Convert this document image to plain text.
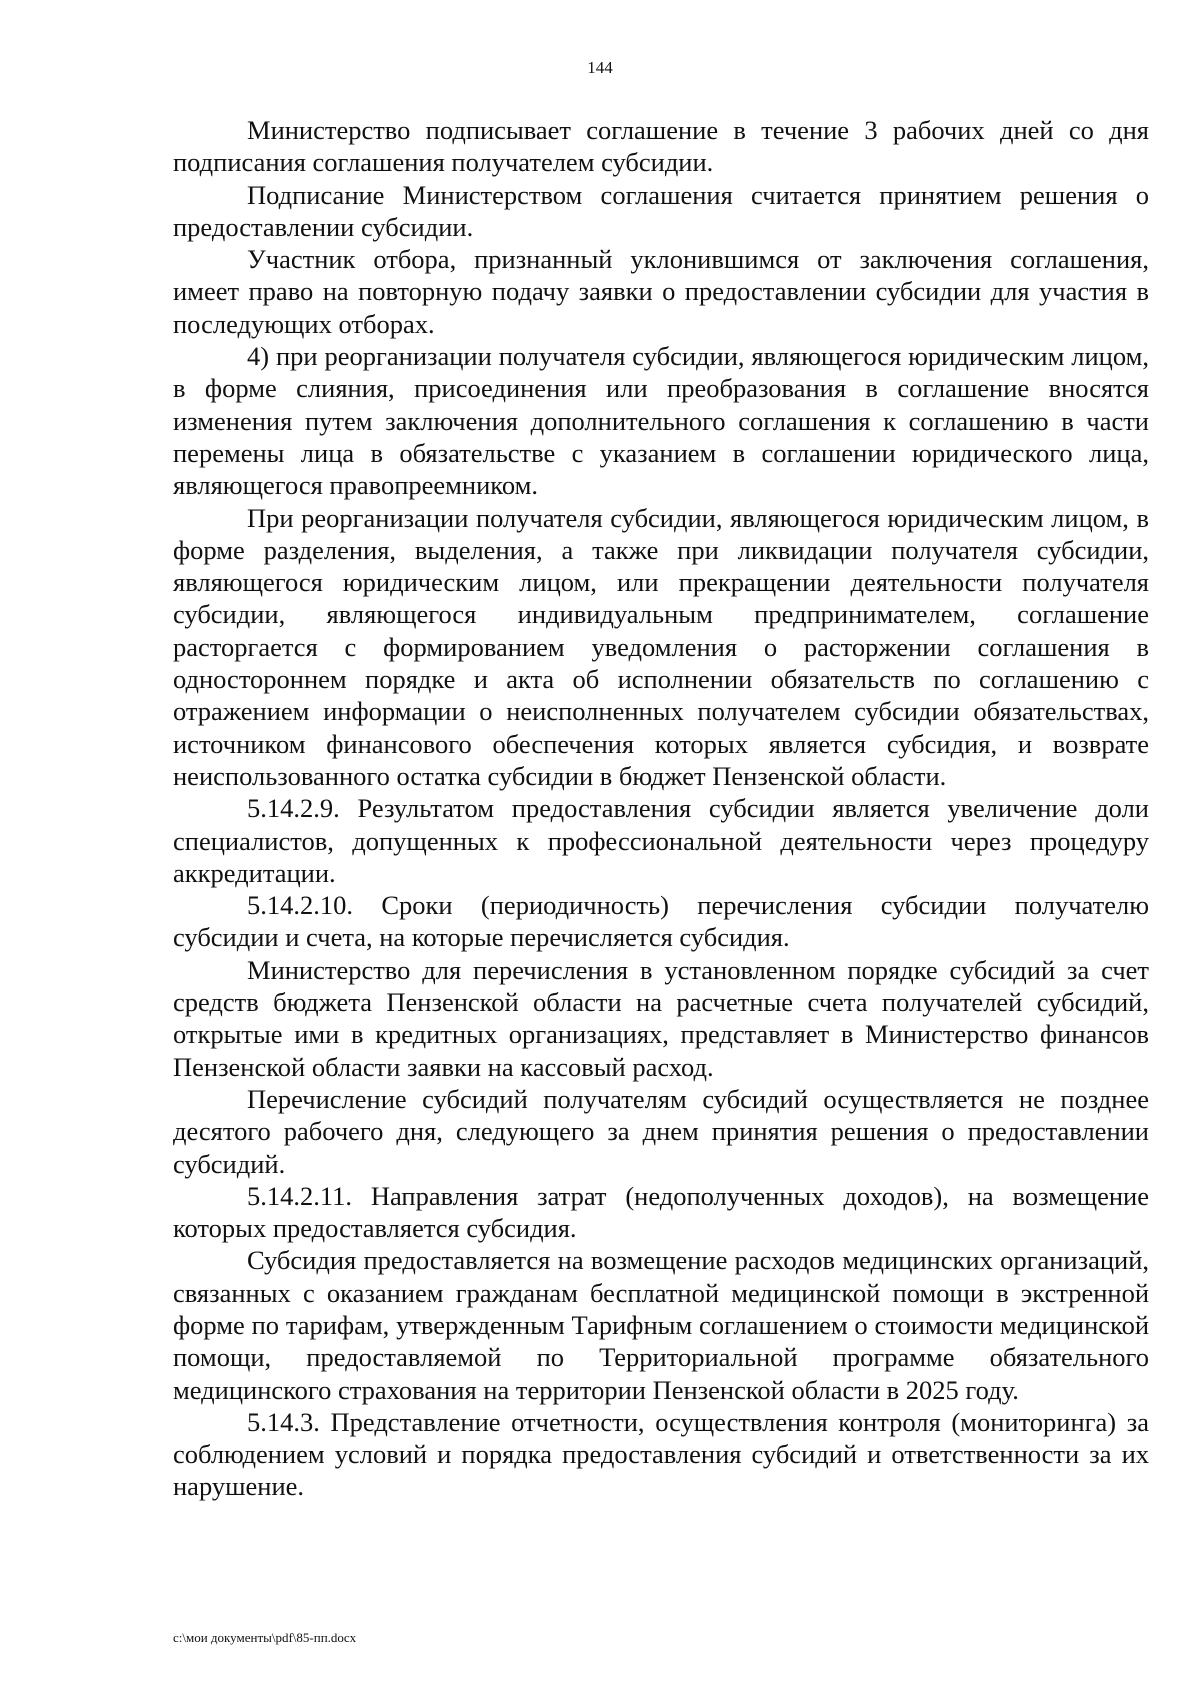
144

Министерство подписывает соглашение в течение 3 рабочих дней со дня подписания соглашения получателем субсидии.

Подписание Министерством соглашения считается принятием решения о предоставлении субсидии.

Участник отбора, признанный уклонившимся от заключения соглашения, имеет право на повторную подачу заявки о предоставлении субсидии для участия в последующих отборах.

4) при реорганизации получателя субсидии, являющегося юридическим лицом, в форме слияния, присоединения или преобразования в соглашение вносятся изменения путем заключения дополнительного соглашения к соглашению в части перемены лица в обязательстве с указанием в соглашении юридического лица, являющегося правопреемником.

При реорганизации получателя субсидии, являющегося юридическим лицом, в форме разделения, выделения, а также при ликвидации получателя субсидии, являющегося юридическим лицом, или прекращении деятельности получателя субсидии, являющегося индивидуальным предпринимателем, соглашение расторгается с формированием уведомления о расторжении соглашения в одностороннем порядке и акта об исполнении обязательств по соглашению с отражением информации о неисполненных получателем субсидии обязательствах, источником финансового обеспечения которых является субсидия, и возврате неиспользованного остатка субсидии в бюджет Пензенской области.

5.14.2.9. Результатом предоставления субсидии является увеличение доли специалистов, допущенных к профессиональной деятельности через процедуру аккредитации.

5.14.2.10. Сроки (периодичность) перечисления субсидии получателю субсидии и счета, на которые перечисляется субсидия.

Министерство для перечисления в установленном порядке субсидий за счет средств бюджета Пензенской области на расчетные счета получателей субсидий, открытые ими в кредитных организациях, представляет в Министерство финансов Пензенской области заявки на кассовый расход.

Перечисление субсидий получателям субсидий осуществляется не позднее десятого рабочего дня, следующего за днем принятия решения о предоставлении субсидий.

5.14.2.11. Направления затрат (недополученных доходов), на возмещение которых предоставляется субсидия.

Субсидия предоставляется на возмещение расходов медицинских организаций, связанных с оказанием гражданам бесплатной медицинской помощи в экстренной форме по тарифам, утвержденным Тарифным соглашением о стоимости медицинской помощи, предоставляемой по Территориальной программе обязательного медицинского страхования на территории Пензенской области в 2025 году.

5.14.3. Представление отчетности, осуществления контроля (мониторинга) за соблюдением условий и порядка предоставления субсидий и ответственности за их нарушение.

c:\мои документы\pdf\85-пп.docx
